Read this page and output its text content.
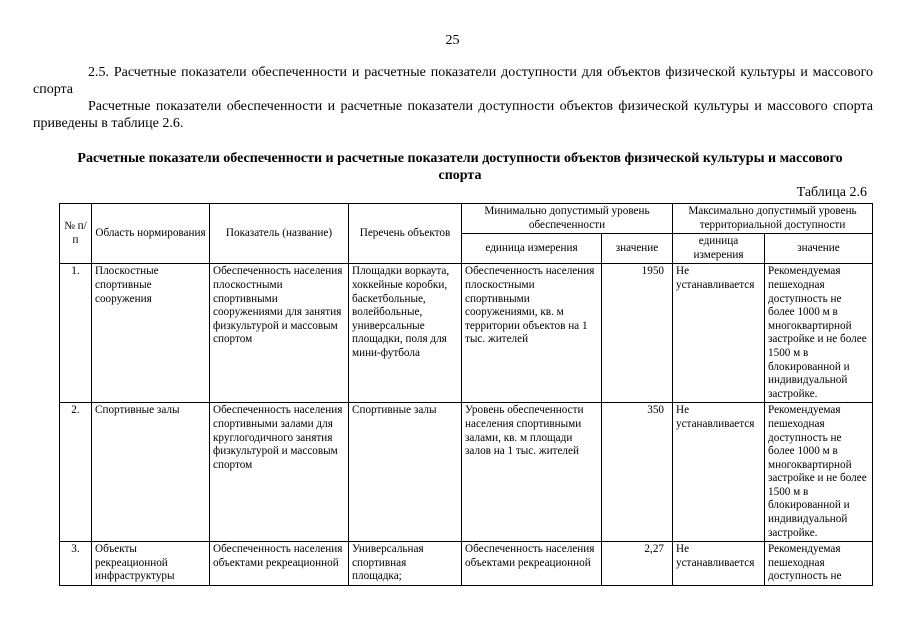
25
2.5. Расчетные показатели обеспеченности и расчетные показатели доступности для объектов физической культуры и массового спорта
Расчетные показатели обеспеченности и расчетные показатели доступности объектов физической культуры и массового спорта приведены в таблице 2.6.
Расчетные показатели обеспеченности и расчетные показатели доступности объектов физической культуры и массового спорта
Таблица 2.6
№ п/п	Область нормирования	Показатель (название)	Перечень объектов	Минимально допустимый уровень обеспеченности		Максимально допустимый уровень территориальной доступности	
				единица измерения	значение	единица измерения	значение
1.	Плоскостные спортивные сооружения	Обеспеченность населения плоскостными спортивными сооружениями для занятия физкультурой и массовым спортом	Площадки воркаута, хоккейные коробки, баскетбольные, волейбольные, универсальные площадки, поля для мини-футбола	Обеспеченность населения плоскостными спортивными сооружениями, кв. м территории объектов на 1 тыс. жителей	1950	Не устанавливается	Рекомендуемая пешеходная доступность не более 1000 м в многоквартирной застройке и не более 1500 м в блокированной и индивидуальной застройке.
2.	Спортивные залы	Обеспеченность населения спортивными залами для круглогодичного занятия физкультурой и массовым спортом	Спортивные залы	Уровень обеспеченности населения спортивными залами, кв. м площади залов на 1 тыс. жителей	350	Не устанавливается	Рекомендуемая пешеходная доступность не более 1000 м в многоквартирной застройке и не более 1500 м в блокированной и индивидуальной застройке.
3.	Объекты рекреационной инфраструктуры	Обеспеченность населения объектами рекреационной	Универсальная спортивная площадка;	Обеспеченность населения объектами рекреационной	2,27	Не устанавливается	Рекомендуемая пешеходная доступность не
